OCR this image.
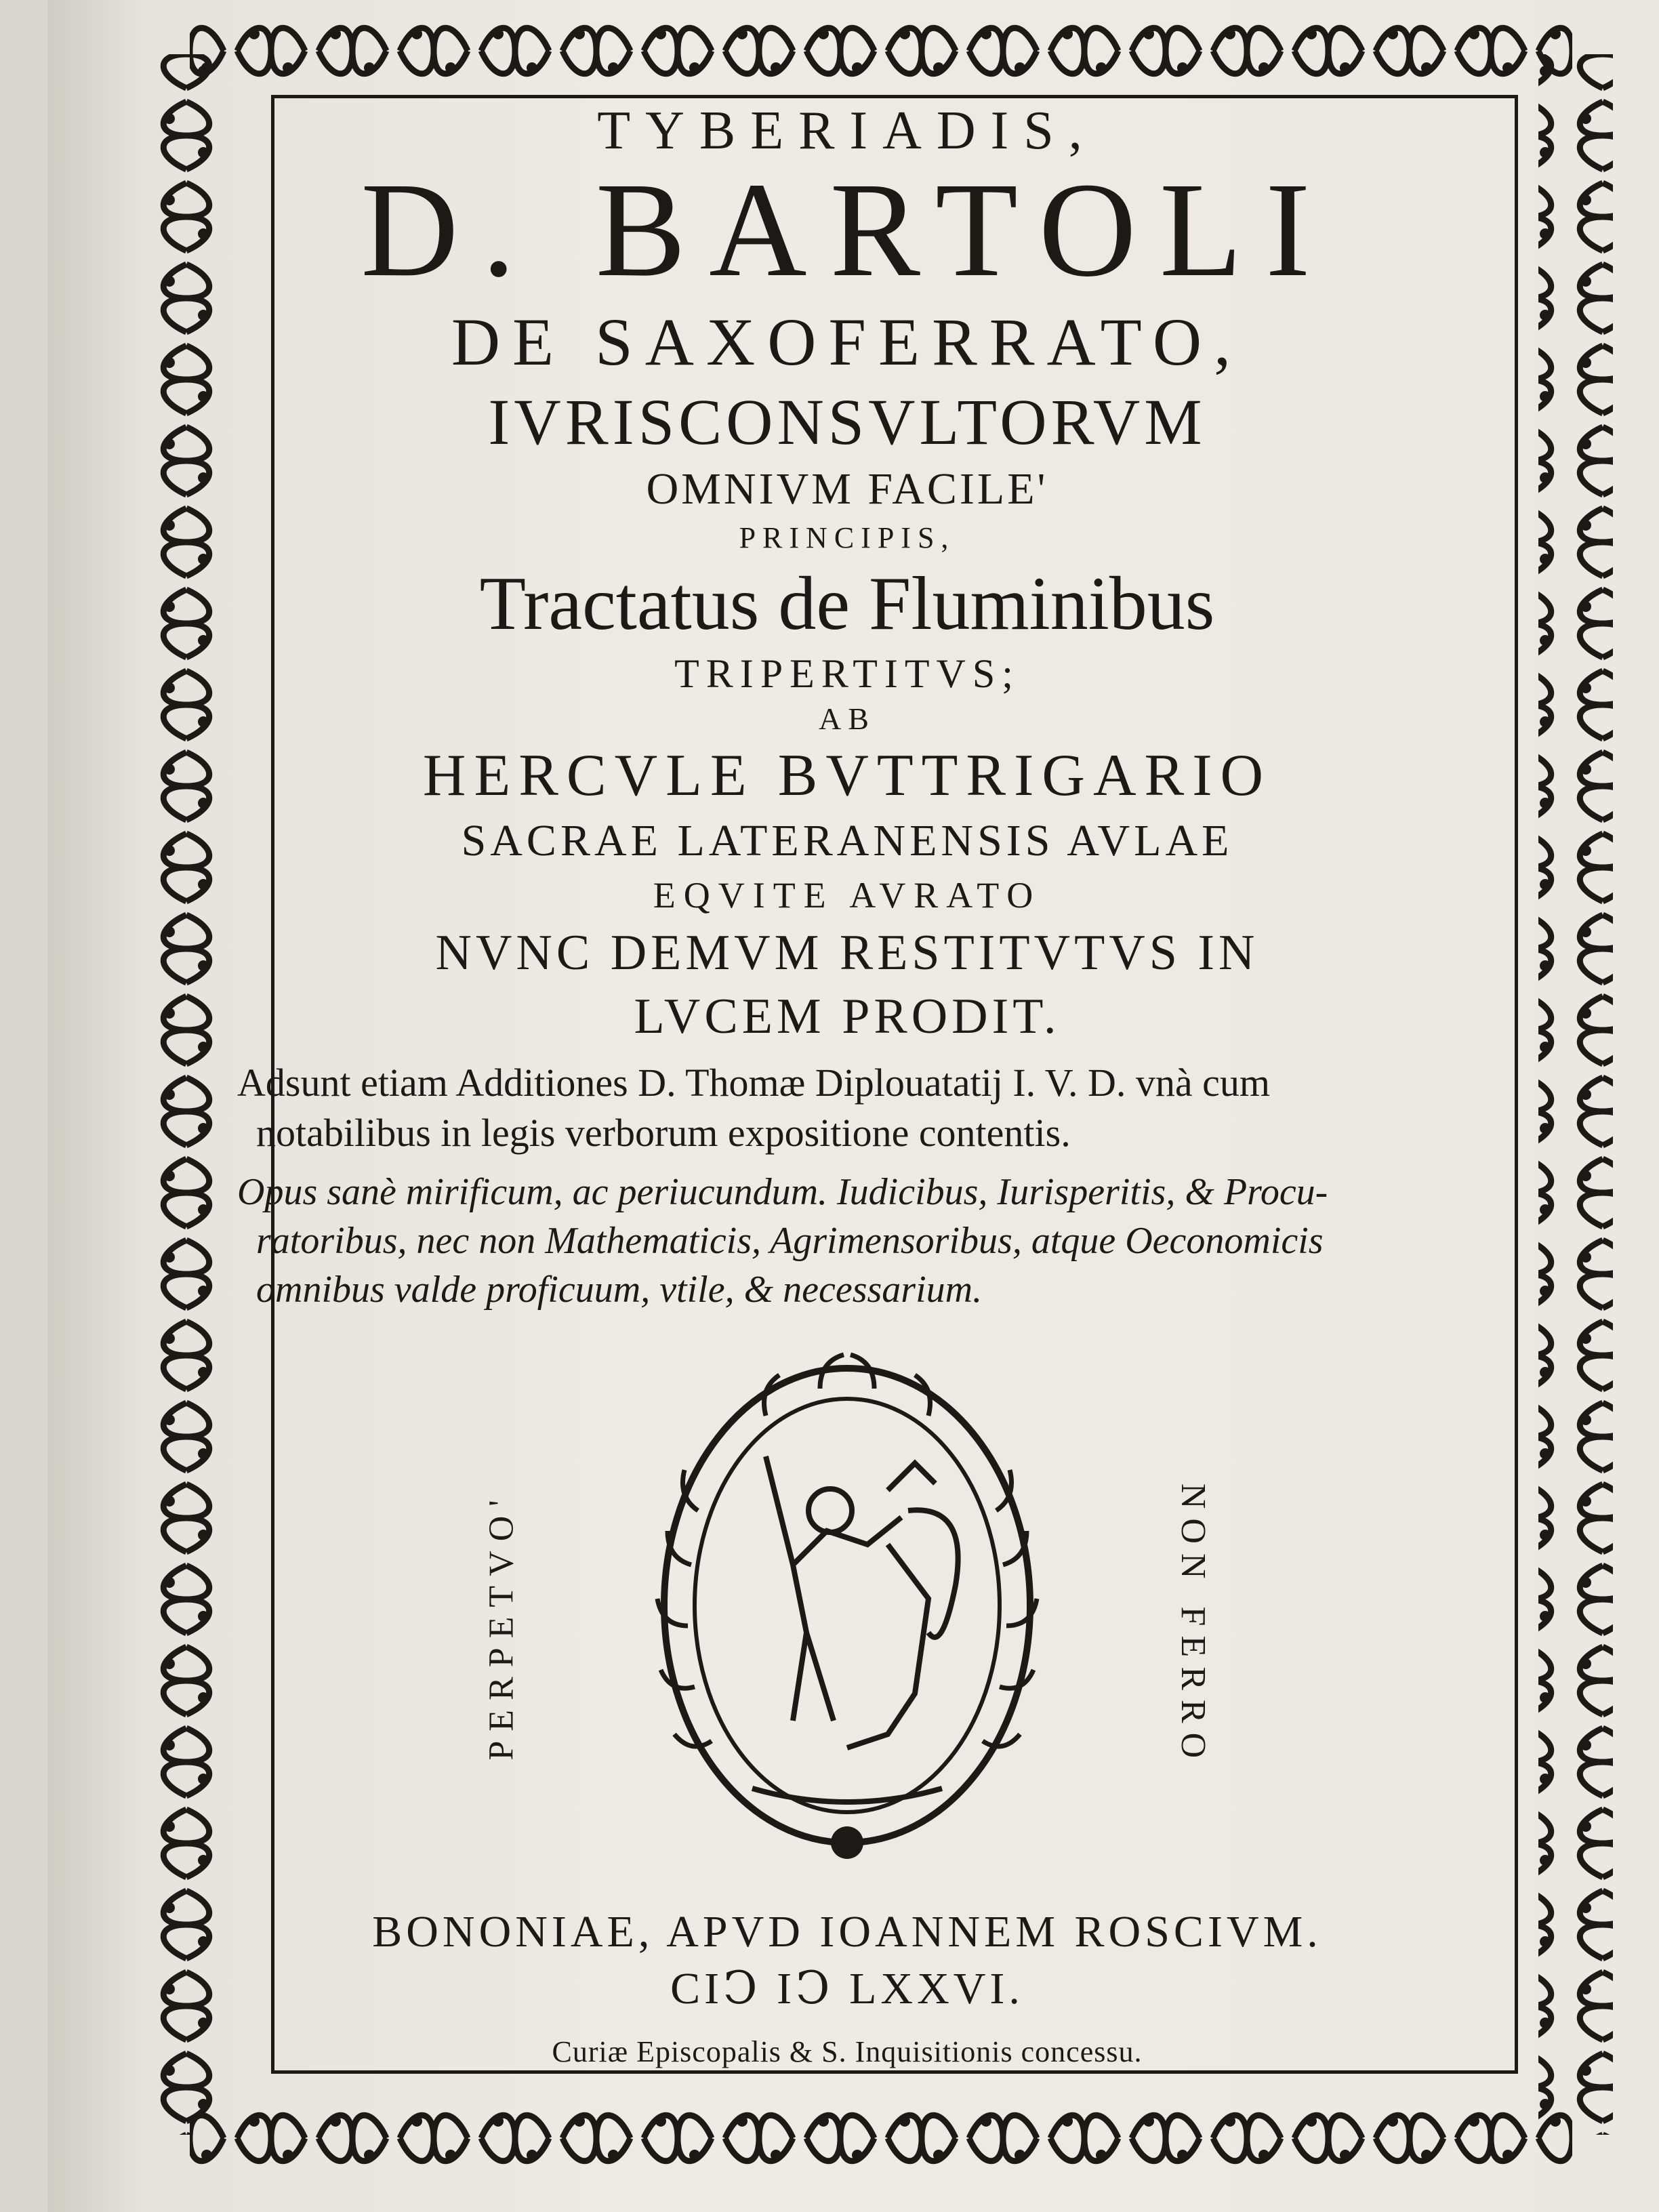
TYBERIADIS,
D. BARTOLI
DE SAXOFERRATO,
IVRISCONSVLTORVM
OMNIVM FACILE'
PRINCIPIS,
Tractatus de Fluminibus
TRIPERTITVS;
AB
HERCVLE BVTTRIGARIO
SACRAE LATERANENSIS AVLAE
EQVITE AVRATO
NVNC DEMVM RESTITVTVS IN
LVCEM PRODIT.
Adsunt etiam Additiones D. Thomæ Diplouatatij I. V. D. vnà cum
notabilibus in legis verborum expositione contentis.
Opus sanè mirificum, ac periucundum. Iudicibus, Iurisperitis, & Procu-
ratoribus, nec non Mathematicis, Agrimensoribus, atque Oeconomicis
omnibus valde proficuum, vtile, & necessarium.
PERPETVO'	NON FERRO
BONONIAE, APVD IOANNEM ROSCIVM.
CIↃ IↃ LXXVI.
Curiæ Episcopalis & S. Inquisitionis concessu.
